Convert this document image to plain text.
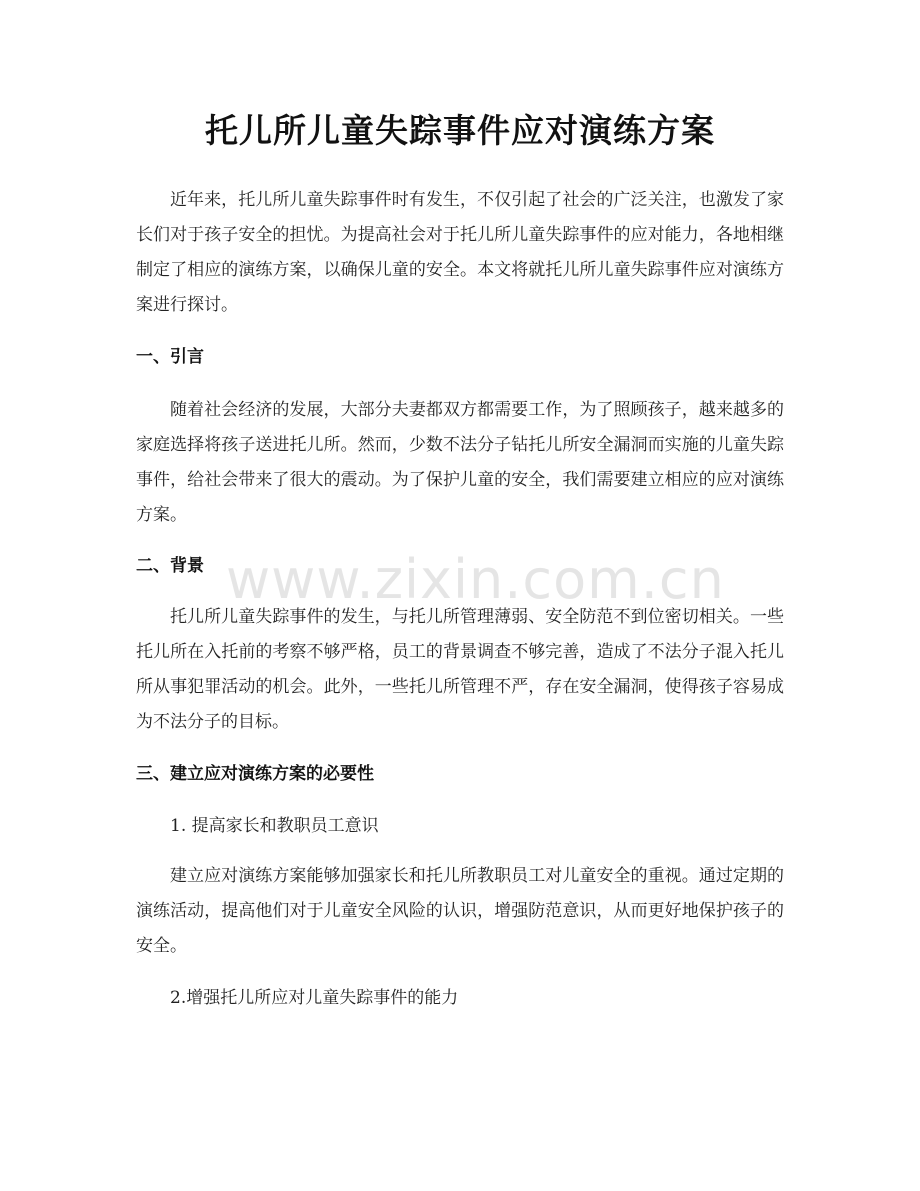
托儿所儿童失踪事件应对演练方案
近年来，托儿所儿童失踪事件时有发生，不仅引起了社会的广泛关注，也激发了家长们对于孩子安全的担忧。为提高社会对于托儿所儿童失踪事件的应对能力，各地相继制定了相应的演练方案，以确保儿童的安全。本文将就托儿所儿童失踪事件应对演练方案进行探讨。
一、引言
随着社会经济的发展，大部分夫妻都双方都需要工作，为了照顾孩子，越来越多的家庭选择将孩子送进托儿所。然而，少数不法分子钻托儿所安全漏洞而实施的儿童失踪事件，给社会带来了很大的震动。为了保护儿童的安全，我们需要建立相应的应对演练方案。
二、背景
托儿所儿童失踪事件的发生，与托儿所管理薄弱、安全防范不到位密切相关。一些托儿所在入托前的考察不够严格，员工的背景调查不够完善，造成了不法分子混入托儿所从事犯罪活动的机会。此外，一些托儿所管理不严，存在安全漏洞，使得孩子容易成为不法分子的目标。
三、建立应对演练方案的必要性
1. 提高家长和教职员工意识
建立应对演练方案能够加强家长和托儿所教职员工对儿童安全的重视。通过定期的演练活动，提高他们对于儿童安全风险的认识，增强防范意识，从而更好地保护孩子的安全。
2.增强托儿所应对儿童失踪事件的能力
www.zixin.com.cn
